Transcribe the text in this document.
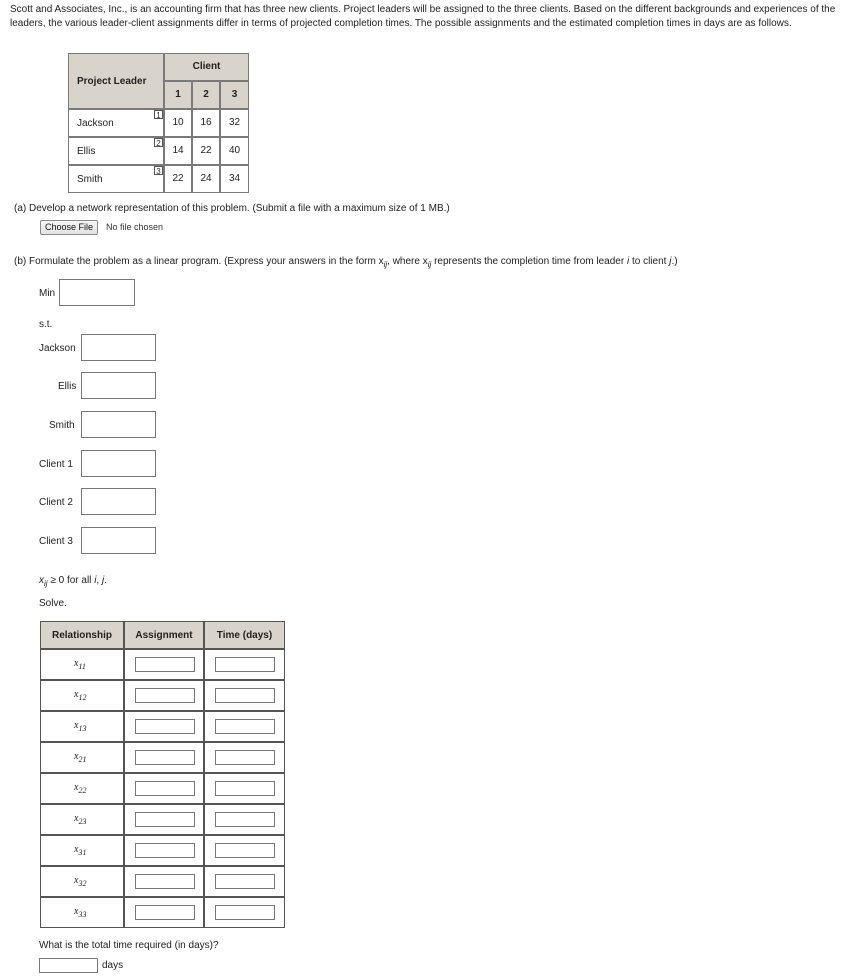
Scott and Associates, Inc., is an accounting firm that has three new clients. Project leaders will be assigned to the three clients. Based on the different backgrounds and experiences of the leaders, the various leader-client assignments differ in terms of projected completion times. The possible assignments and the estimated completion times in days are as follows.
Project Leader
Client
1	2	3
Jackson
1
10	16	32
Ellis
2
14	22	40
Smith
3
22	24	34
(a) Develop a network representation of this problem. (Submit a file with a maximum size of 1 MB.)
Choose File	No file chosen
(b) Formulate the problem as a linear program. (Express your answers in the form $x_{ij}$, where $x_{ij}$ represents the completion time from leader i to client j.)
Min
s.t.
Jackson
Ellis
Smith
Client 1
Client 2
Client 3
$x_{ij} \ge 0$ for all i, j.
Solve.
Relationship	Assignment	Time (days)
$x_{11}$
$x_{12}$
$x_{13}$
$x_{21}$
$x_{22}$
$x_{23}$
$x_{31}$
$x_{32}$
$x_{33}$
What is the total time required (in days)?
days
